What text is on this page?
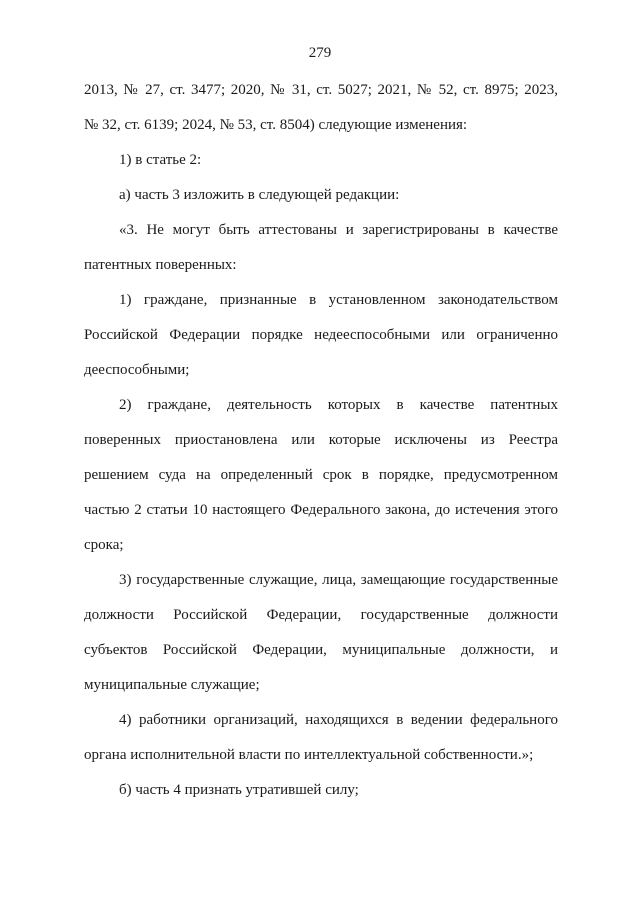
279
2013, № 27, ст. 3477; 2020, № 31, ст. 5027; 2021, № 52, ст. 8975; 2023,
№ 32, ст. 6139; 2024, № 53, ст. 8504) следующие изменения:
1) в статье 2:
а) часть 3 изложить в следующей редакции:
«3. Не могут быть аттестованы и зарегистрированы в качестве
патентных поверенных:
1) граждане, признанные в установленном законодательством
Российской Федерации порядке недееспособными или ограниченно
дееспособными;
2) граждане, деятельность которых в качестве патентных
поверенных приостановлена или которые исключены из Реестра
решением суда на определенный срок в порядке, предусмотренном
частью 2 статьи 10 настоящего Федерального закона, до истечения этого
срока;
3) государственные служащие, лица, замещающие государственные
должности Российской Федерации, государственные должности
субъектов Российской Федерации, муниципальные должности, и
муниципальные служащие;
4) работники организаций, находящихся в ведении федерального
органа исполнительной власти по интеллектуальной собственности.»;
б) часть 4 признать утратившей силу;
